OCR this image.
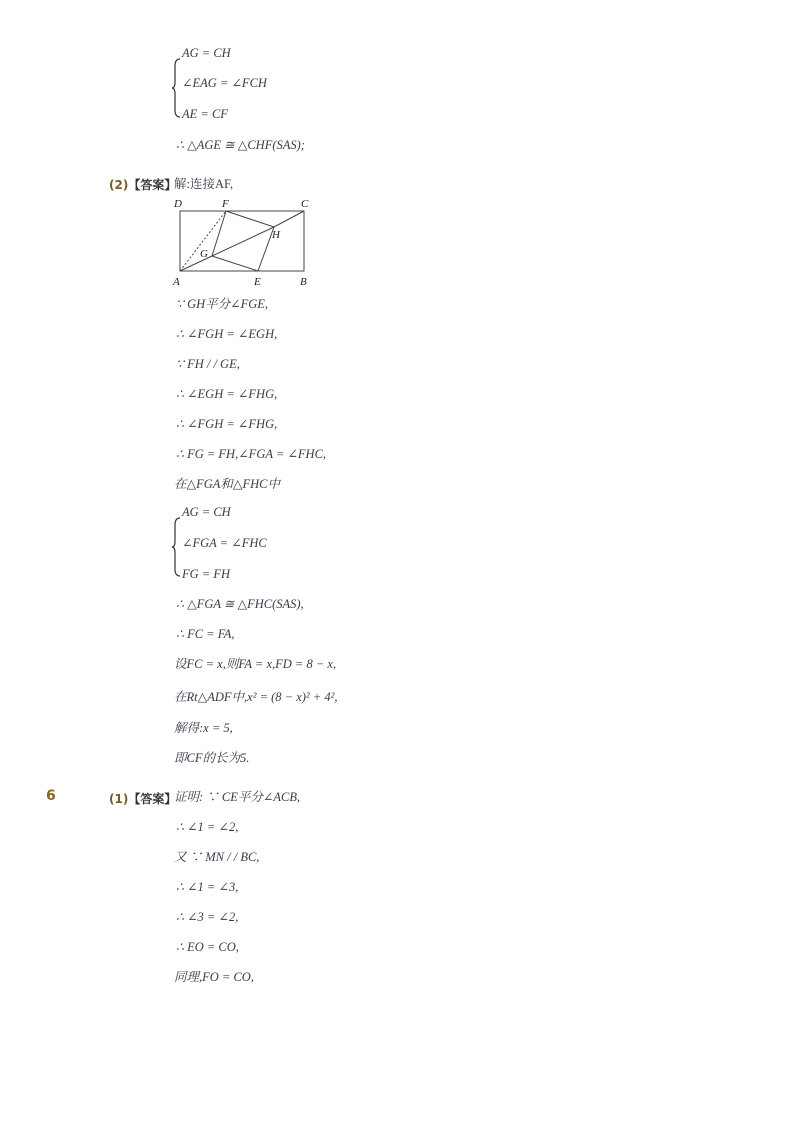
AG = CH
∠EAG = ∠FCH
AE = CF
∴ △AGE ≅ △CHF(SAS);
(2)【答案】
解:连接AF,
D	F	C
H
G
A	E	B
∵ GH平分∠FGE,
∴ ∠FGH = ∠EGH,
∵ FH / / GE,
∴ ∠EGH = ∠FHG,
∴ ∠FGH = ∠FHG,
∴ FG = FH,∠FGA = ∠FHC,
在△FGA和△FHC中
AG = CH
∠FGA = ∠FHC
FG = FH
∴ △FGA ≅ △FHC(SAS),
∴ FC = FA,
设FC = x,则FA = x,FD = 8 − x,
在Rt△ADF中,x² = (8 − x)² + 4²,
解得:x = 5,
即CF的长为5.
6	(1)【答案】
证明: ∵ CE平分∠ACB,
∴ ∠1 = ∠2,
又 ∵ MN / / BC,
∴ ∠1 = ∠3,
∴ ∠3 = ∠2,
∴ EO = CO,
同理,FO = CO,
